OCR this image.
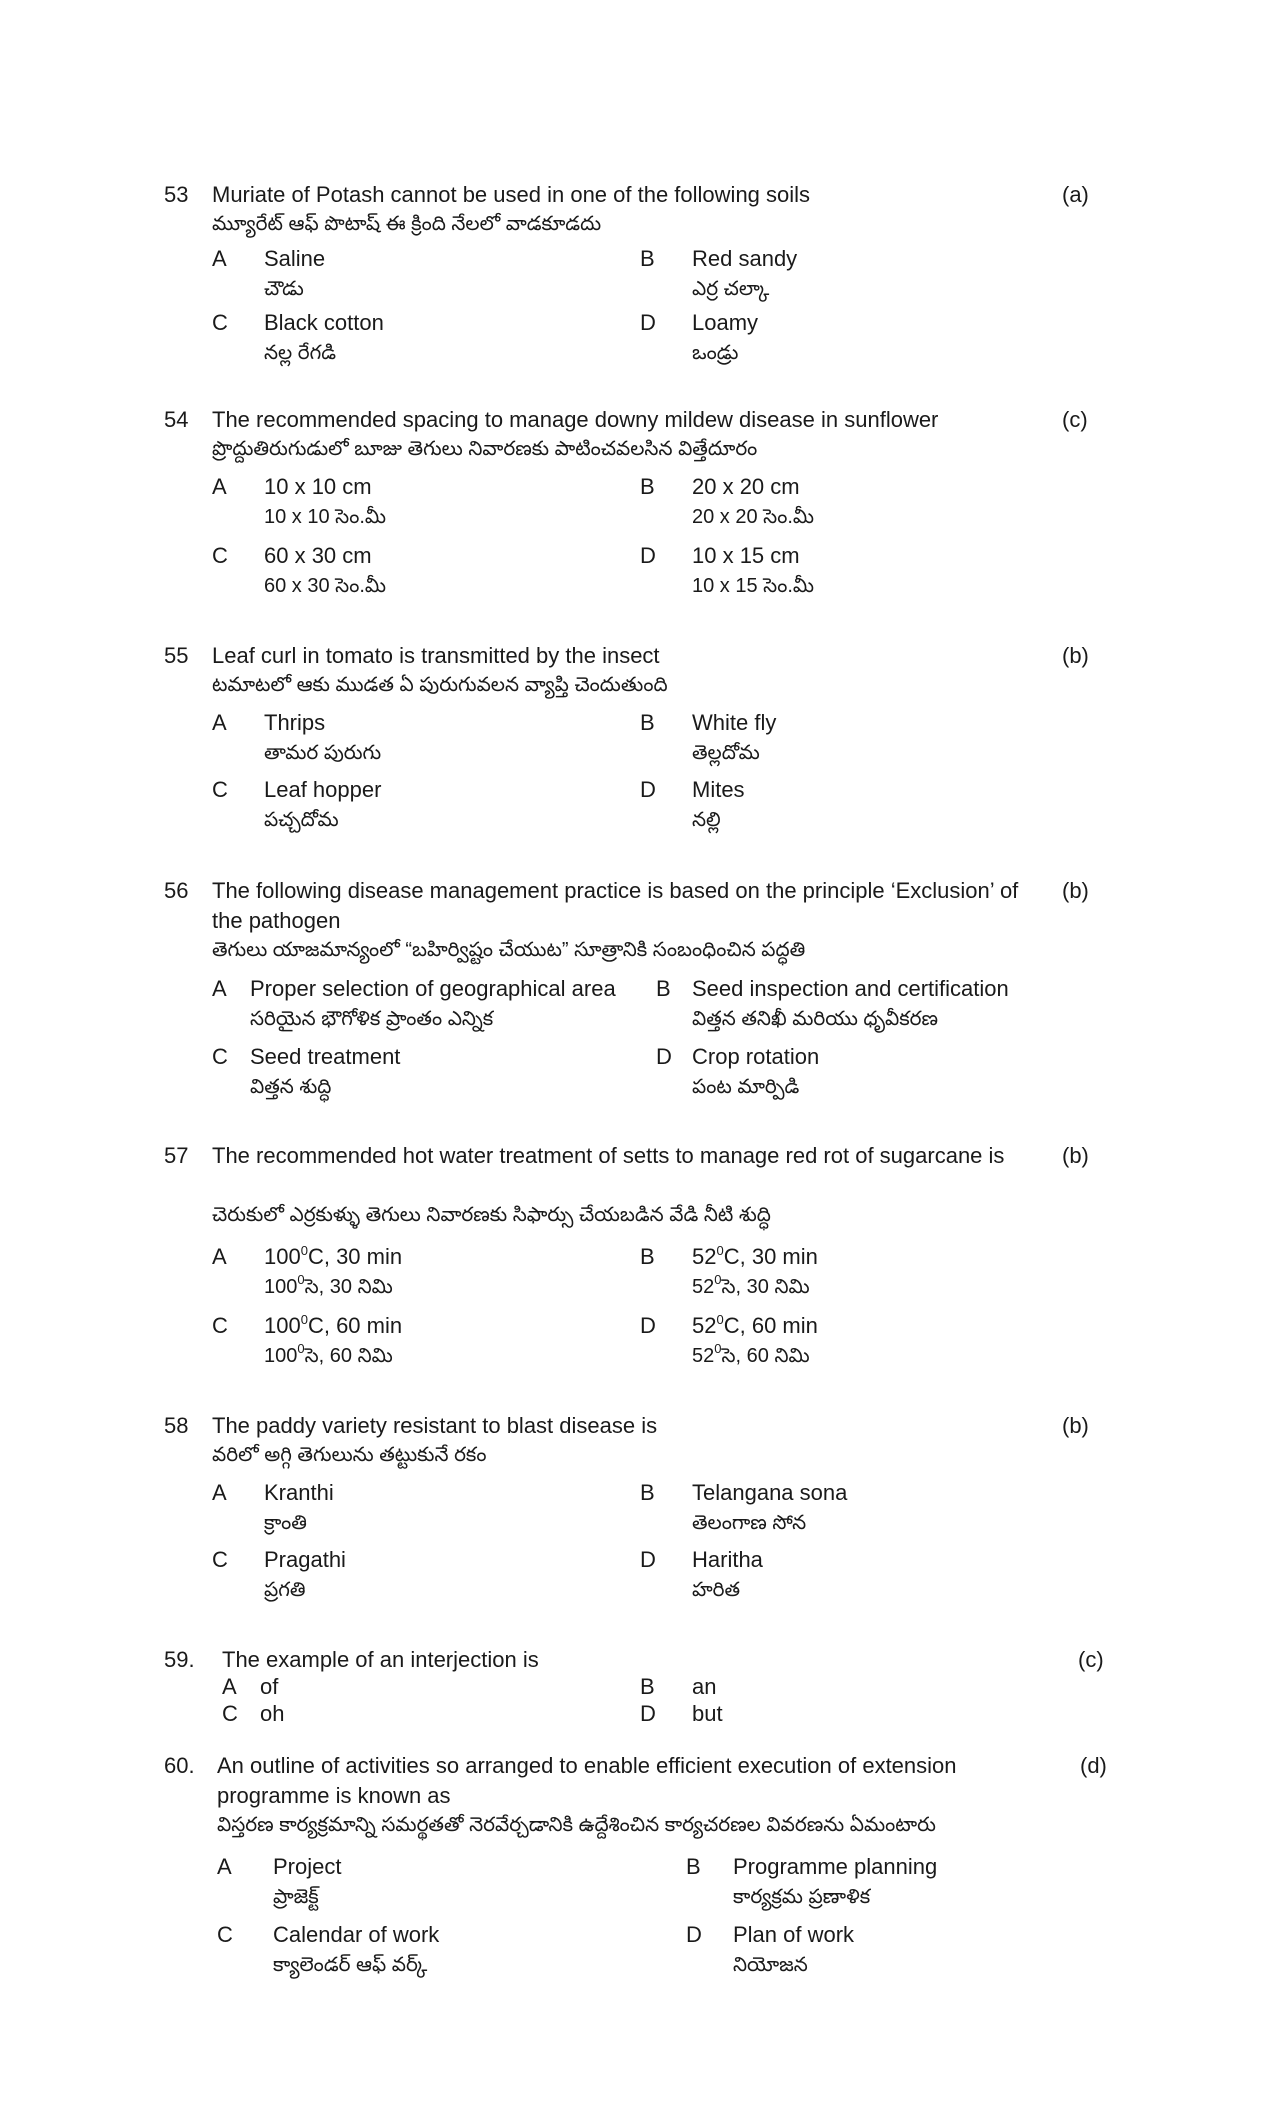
53 Muriate of Potash cannot be used in one of the following soils
మ్యూరేట్ ఆఫ్ పొటాష్ ఈ క్రింది నేలలో వాడకూడదు
(a)
A Saline
చౌడు
B Red sandy
ఎర్ర చల్కా
C Black cotton
నల్ల రేగడి
D Loamy
ఒండ్రు
54 The recommended spacing to manage downy mildew disease in sunflower
ప్రొద్దుతిరుగుడులో బూజు తెగులు నివారణకు పాటించవలసిన విత్తేదూరం
(c)
A 10 x 10 cm
10 x 10 సెం.మీ
B 20 x 20 cm
20 x 20 సెం.మీ
C 60 x 30 cm
60 x 30 సెం.మీ
D 10 x 15 cm
10 x 15 సెం.మీ
55 Leaf curl in tomato is transmitted by the insect
టమాటలో ఆకు ముడత ఏ పురుగువలన వ్యాప్తి చెందుతుంది
(b)
A Thrips
తామర పురుగు
B White fly
తెల్లదోమ
C Leaf hopper
పచ్చదోమ
D Mites
నల్లి
56 The following disease management practice is based on the principle ‘Exclusion’ of the pathogen
తెగులు యాజమాన్యంలో “బహిర్విష్టం చేయుట” సూత్రానికి సంబంధించిన పద్ధతి
(b)
A Proper selection of geographical area
సరియైన భౌగోళిక ప్రాంతం ఎన్నిక
B Seed inspection and certification
విత్తన తనిఖీ మరియు ధృవీకరణ
C Seed treatment
విత్తన శుద్ధి
D Crop rotation
పంట మార్పిడి
57 The recommended hot water treatment of setts to manage red rot of sugarcane is
చెరుకులో ఎర్రకుళ్ళు తెగులు నివారణకు సిఫార్సు చేయబడిన వేడి నీటి శుద్ధి
(b)
A $100^0C$, 30 min
$100^0సె$, 30 నిమి
B $52^0C$, 30 min
$52^0సె$, 30 నిమి
C $100^0C$, 60 min
$100^0సె$, 60 నిమి
D $52^0C$, 60 min
$52^0సె$, 60 నిమి
58 The paddy variety resistant to blast disease is
వరిలో అగ్గి తెగులును తట్టుకునే రకం
(b)
A Kranthi
క్రాంతి
B Telangana sona
తెలంగాణ సోన
C Pragathi
ప్రగతి
D Haritha
హరిత
59. The example of an interjection is	(c)
A of	B an
C oh	D but
60. An outline of activities so arranged to enable efficient execution of extension programme is known as
విస్తరణ కార్యక్రమాన్ని సమర్థతతో నెరవేర్చడానికి ఉద్దేశించిన కార్యచరణల వివరణను ఏమంటారు
(d)
A Project
ప్రాజెక్ట్
B Programme planning
కార్యక్రమ ప్రణాళిక
C Calendar of work
క్యాలెండర్ ఆఫ్ వర్క్
D Plan of work
నియోజన
